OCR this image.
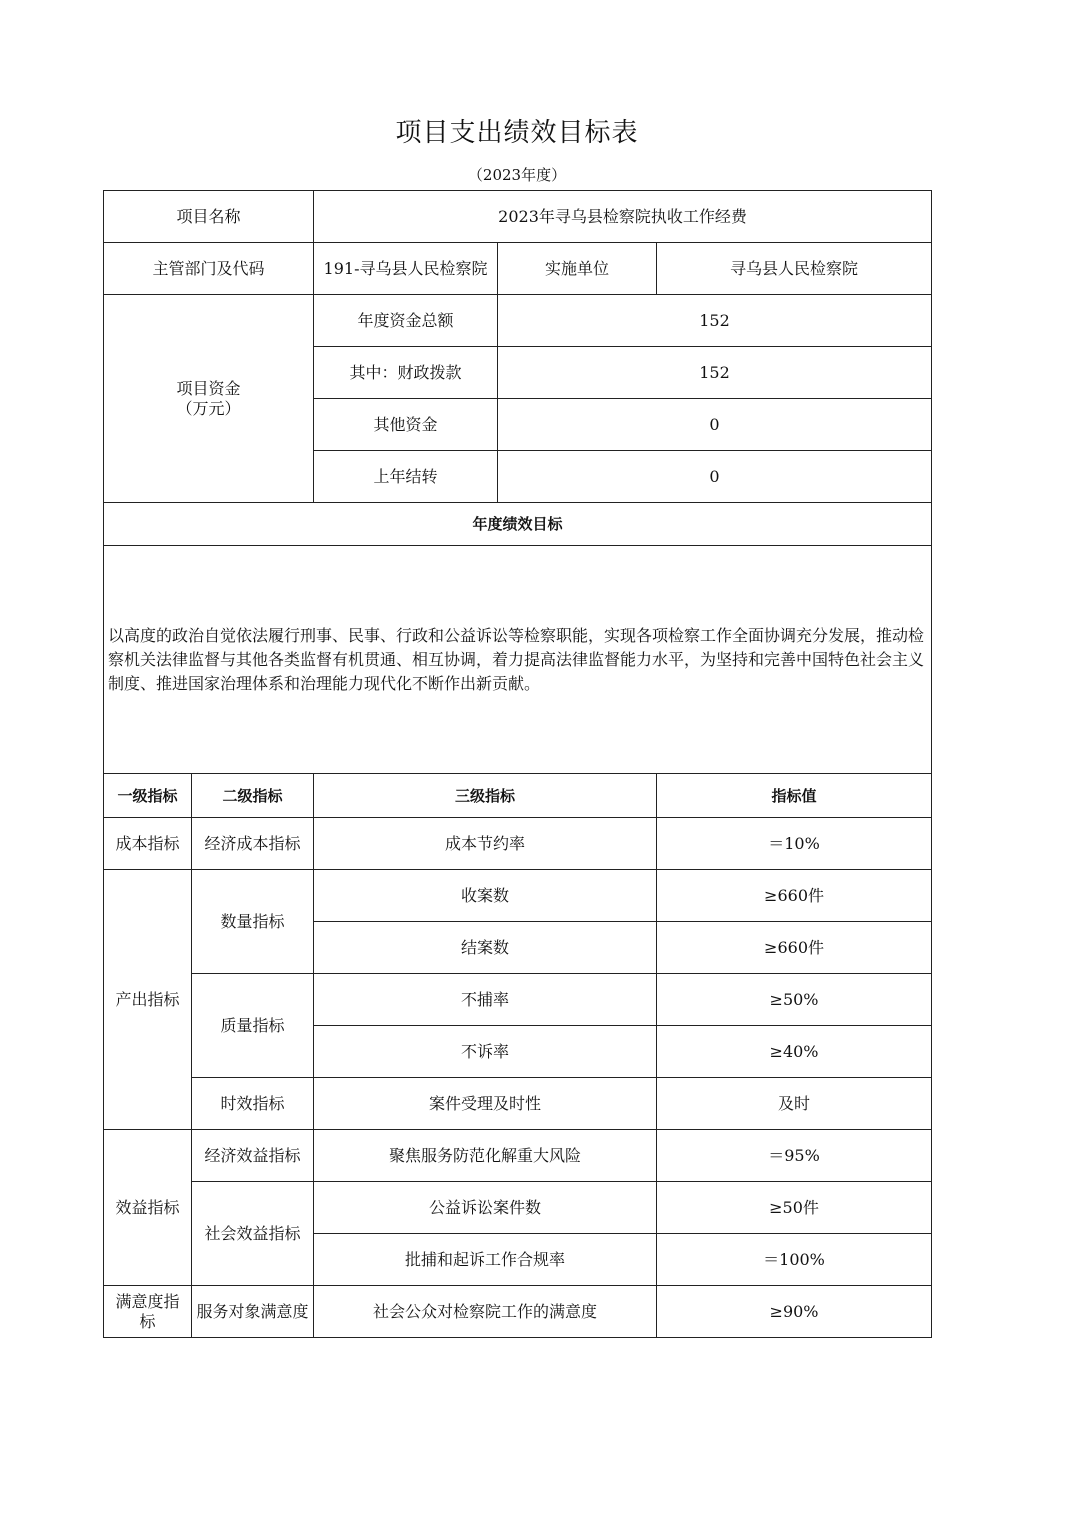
项目支出绩效目标表
（2023年度）
项目名称		2023年寻乌县检察院执收工作经费		
主管部门及代码		191-寻乌县人民检察院	实施单位	寻乌县人民检察院

项目资金
（万元）		年度资金总额	152	
		其中：财政拨款	152	
		其他资金	0	
		上年结转	0	
年度绩效目标				
以高度的政治自觉依法履行刑事、民事、行政和公益诉讼等检察职能，实现各项检察工作全面协调充分发展，推动检察机关法律监督与其他各类监督有机贯通、相互协调，着力提高法律监督能力水平，为坚持和完善中国特色社会主义制度、推进国家治理体系和治理能力现代化不断作出新贡献。				
一级指标	二级指标	三级指标		指标值
成本指标	经济成本指标	成本节约率		＝10%
产出指标	数量指标	收案数		≥660件
		结案数		≥660件
	质量指标	不捕率		≥50%
		不诉率		≥40%
	时效指标	案件受理及时性		及时
效益指标	经济效益指标	聚焦服务防范化解重大风险		＝95%
	社会效益指标	公益诉讼案件数		≥50件
		批捕和起诉工作合规率		＝100%
满意度指标	服务对象满意度	社会公众对检察院工作的满意度		≥90%
